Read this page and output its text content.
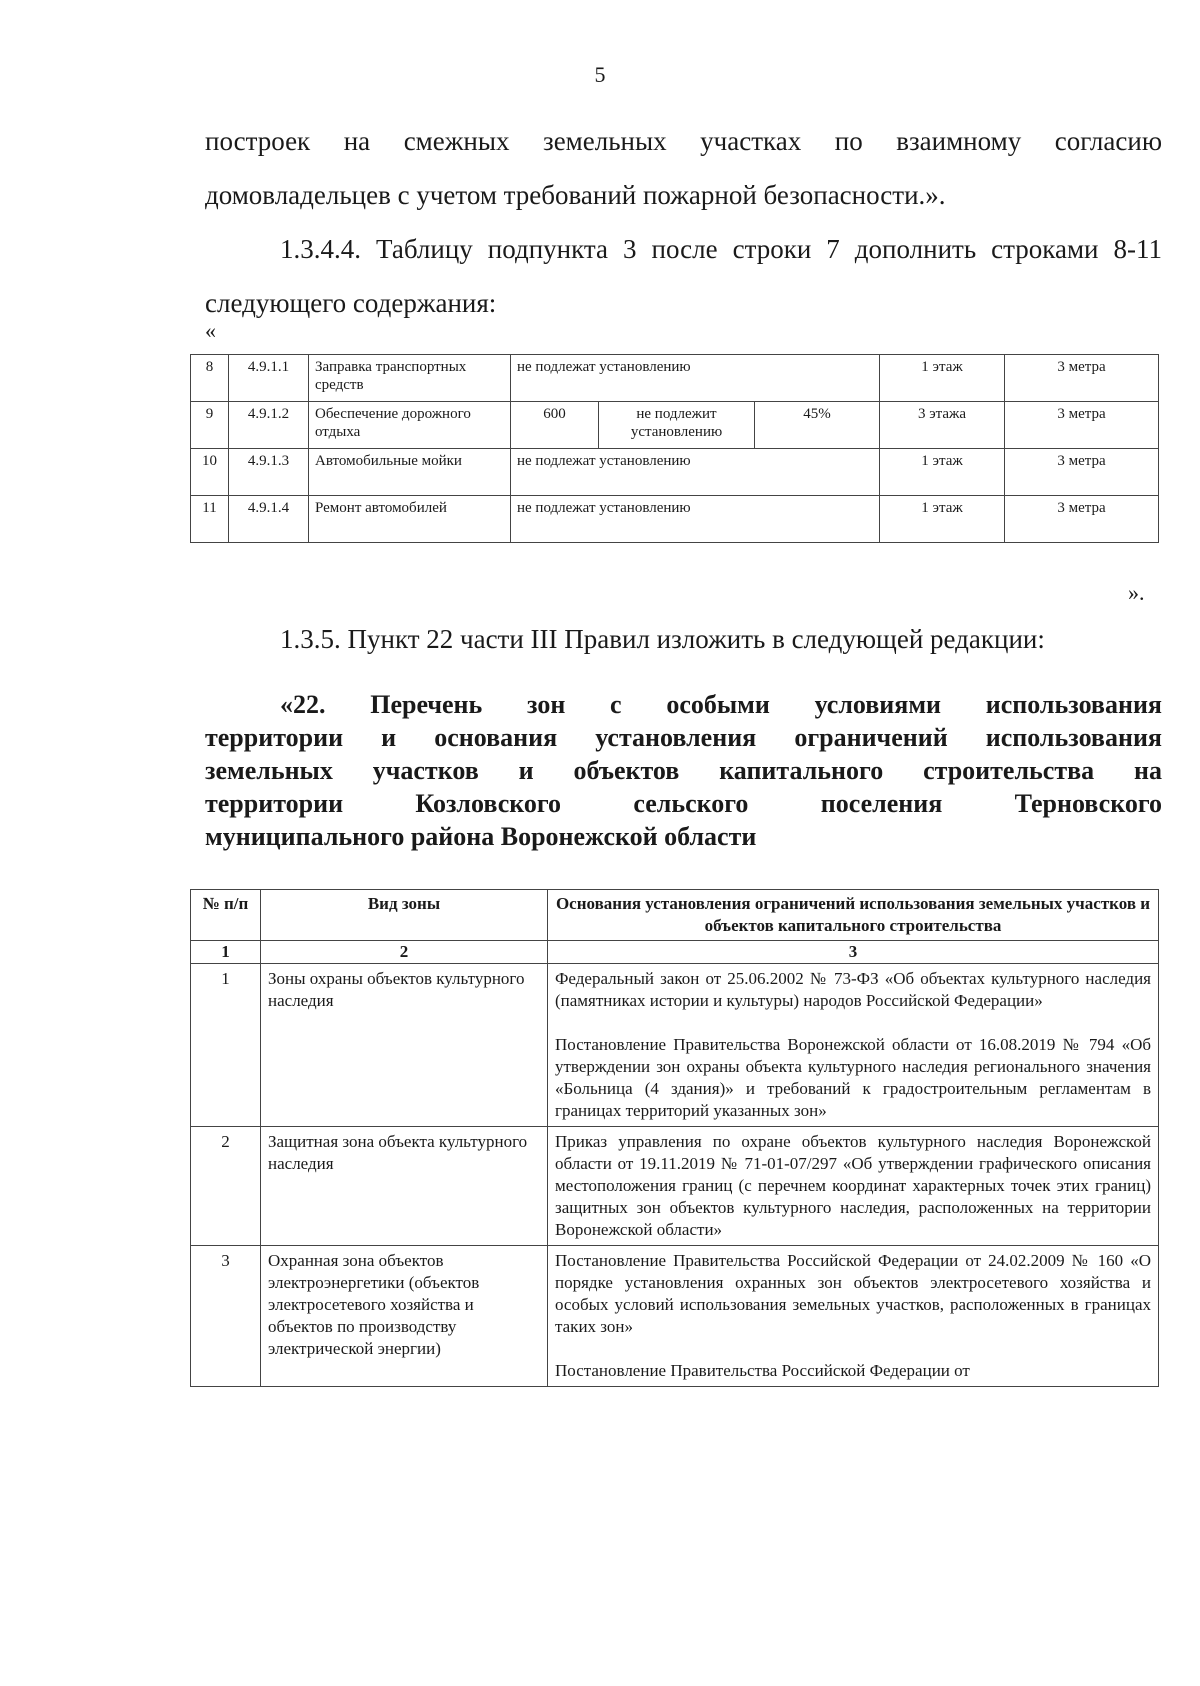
5

построек на смежных земельных участках по взаимному согласию

домовладельцев с учетом требований пожарной безопасности.».

1.3.4.4. Таблицу подпункта 3 после строки 7 дополнить строками 8-11

следующего содержания:

«
8	4.9.1.1	Заправка транспортных средств	не подлежат установлению			1 этаж	3 метра
9	4.9.1.2	Обеспечение дорожного отдыха	600	не подлежит установлению	45%	3 этажа	3 метра
10	4.9.1.3	Автомобильные мойки	не подлежат установлению			1 этаж	3 метра
11	4.9.1.4	Ремонт автомобилей	не подлежат установлению			1 этаж	3 метра
».

1.3.5. Пункт 22 части III Правил изложить в следующей редакции:

«22. Перечень зон с особыми условиями использования
территории и основания установления ограничений использования
земельных участков и объектов капитального строительства на
территории Козловского сельского поселения Терновского
муниципального района Воронежской области
№ п/п	Вид зоны	Основания установления ограничений использования земельных участков и объектов капитального строительства
1	2	3
1	Зоны охраны объектов культурного наследия	Федеральный закон от 25.06.2002 № 73-ФЗ «Об объектах культурного наследия (памятниках истории и культуры) народов Российской Федерации»

Постановление Правительства Воронежской области от 16.08.2019 № 794 «Об утверждении зон охраны объекта культурного наследия регионального значения «Больница (4 здания)» и требований к градостроительным регламентам в границах территорий указанных зон»

2	Защитная зона объекта культурного наследия	Приказ управления по охране объектов культурного наследия Воронежской области от 19.11.2019 № 71-01-07/297 «Об утверждении графического описания местоположения границ (с перечнем координат характерных точек этих границ) защитных зон объектов культурного наследия, расположенных на территории Воронежской области»

3	Охранная зона объектов электроэнергетики (объектов электросетевого хозяйства и объектов по производству электрической энергии)	Постановление Правительства Российской Федерации от 24.02.2009 № 160 «О порядке установления охранных зон объектов электросетевого хозяйства и особых условий использования земельных участков, расположенных в границах таких зон»

Постановление Правительства Российской Федерации от
